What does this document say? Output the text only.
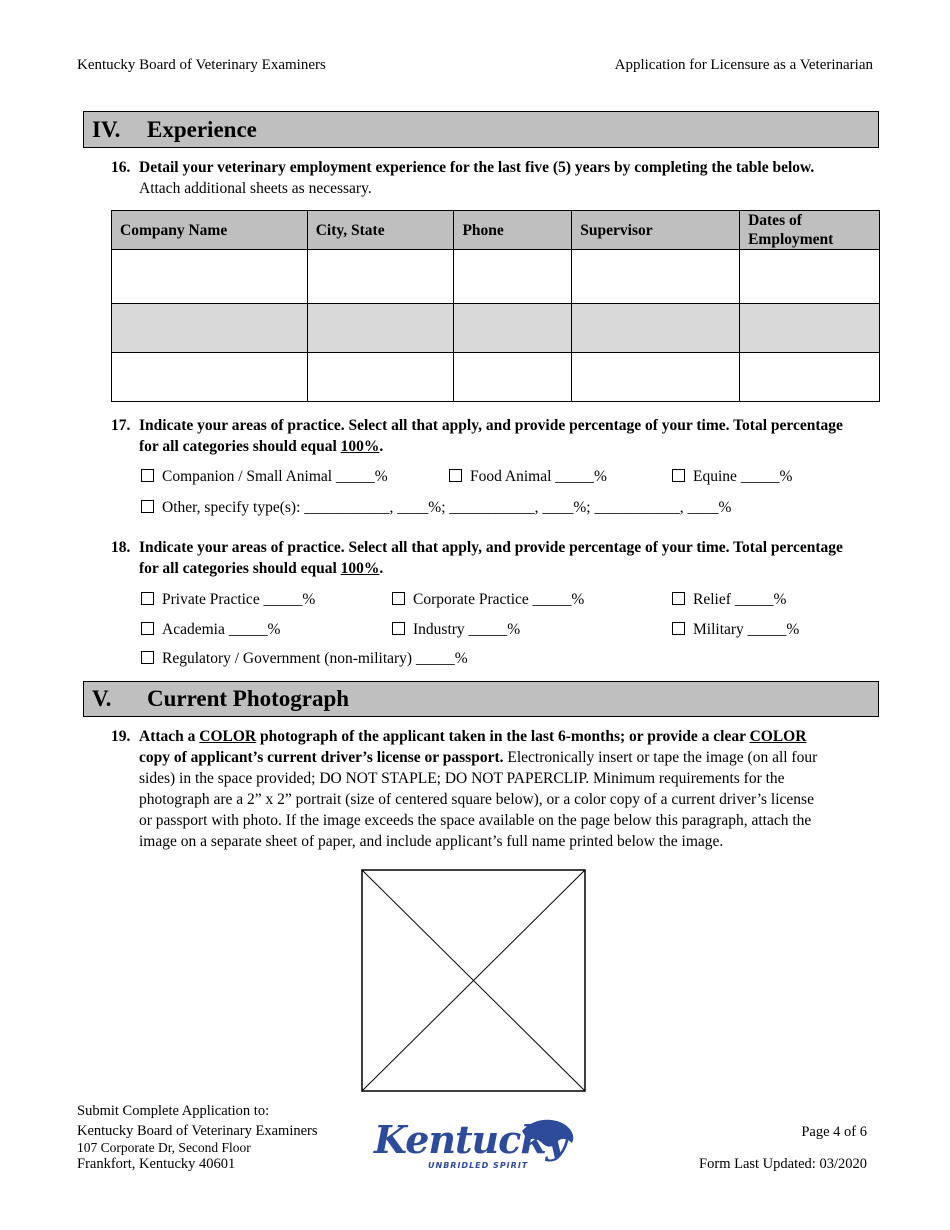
Kentucky Board of Veterinary Examiners	Application for Licensure as a Veterinarian
IV. Experience
16. Detail your veterinary employment experience for the last five (5) years by completing the table below. Attach additional sheets as necessary.
Company Name	City, State	Phone	Supervisor	Dates of Employment

17. Indicate your areas of practice. Select all that apply, and provide percentage of your time. Total percentage for all categories should equal 100%.
Companion / Small Animal _____%	Food Animal _____%	Equine _____%
Other, specify type(s): ___________, ____%; ___________, ____%; ___________, ____%
18. Indicate your areas of practice. Select all that apply, and provide percentage of your time. Total percentage for all categories should equal 100%.
Private Practice _____%	Corporate Practice _____%	Relief _____%
Academia _____%	Industry _____%	Military _____%
Regulatory / Government (non-military) _____%
V. Current Photograph
19. Attach a COLOR photograph of the applicant taken in the last 6-months; or provide a clear COLOR copy of applicant’s current driver’s license or passport. Electronically insert or tape the image (on all four sides) in the space provided; DO NOT STAPLE; DO NOT PAPERCLIP. Minimum requirements for the photograph are a 2” x 2” portrait (size of centered square below), or a color copy of a current driver’s license or passport with photo. If the image exceeds the space available on the page below this paragraph, attach the image on a separate sheet of paper, and include applicant’s full name printed below the image.
Submit Complete Application to:
Kentucky Board of Veterinary Examiners
107 Corporate Dr, Second Floor
Frankfort, Kentucky 40601
Kentucky
UNBRIDLED SPIRIT
Page 4 of 6
Form Last Updated: 03/2020
